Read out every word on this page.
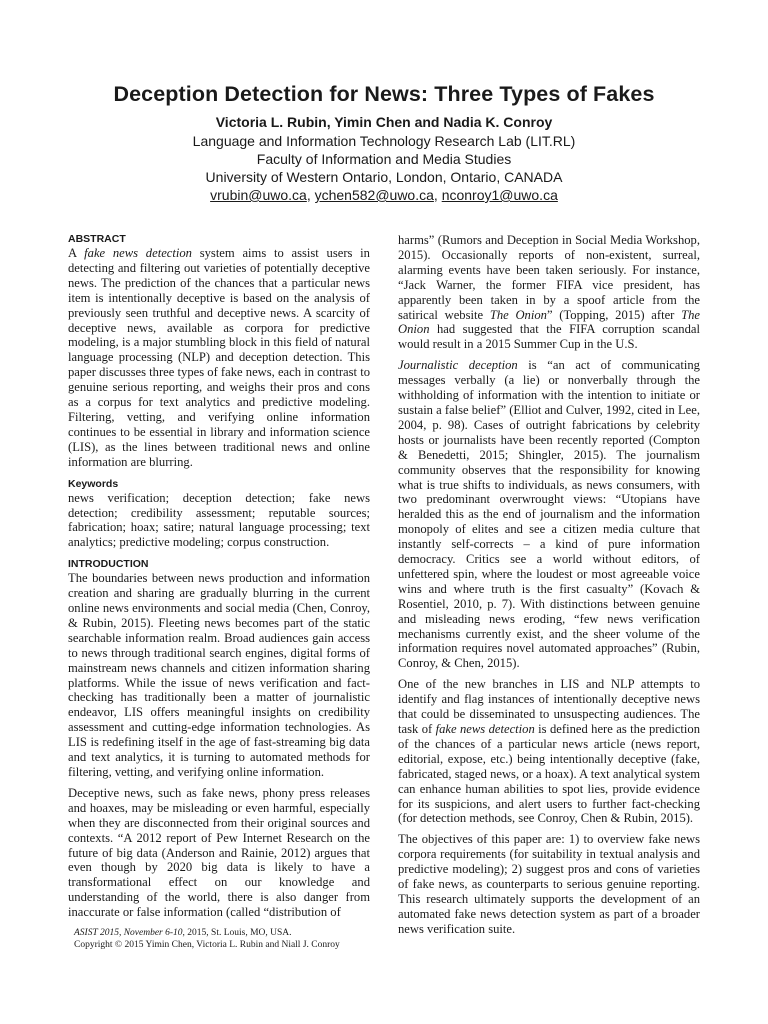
Deception Detection for News: Three Types of Fakes
Victoria L. Rubin, Yimin Chen and Nadia K. Conroy
Language and Information Technology Research Lab (LIT.RL)
Faculty of Information and Media Studies
University of Western Ontario, London, Ontario, CANADA
vrubin@uwo.ca, ychen582@uwo.ca, nconroy1@uwo.ca
ABSTRACT

A fake news detection system aims to assist users in detecting and filtering out varieties of potentially deceptive news. The prediction of the chances that a particular news item is intentionally deceptive is based on the analysis of previously seen truthful and deceptive news. A scarcity of deceptive news, available as corpora for predictive modeling, is a major stumbling block in this field of natural language processing (NLP) and deception detection. This paper discusses three types of fake news, each in contrast to genuine serious reporting, and weighs their pros and cons as a corpus for text analytics and predictive modeling. Filtering, vetting, and verifying online information continues to be essential in library and information science (LIS), as the lines between traditional news and online information are blurring.

Keywords

news verification; deception detection; fake news detection; credibility assessment; reputable sources; fabrication; hoax; satire; natural language processing; text analytics; predictive modeling; corpus construction.

INTRODUCTION

The boundaries between news production and information creation and sharing are gradually blurring in the current online news environments and social media (Chen, Conroy, & Rubin, 2015). Fleeting news becomes part of the static searchable information realm. Broad audiences gain access to news through traditional search engines, digital forms of mainstream news channels and citizen information sharing platforms. While the issue of news verification and fact-checking has traditionally been a matter of journalistic endeavor, LIS offers meaningful insights on credibility assessment and cutting-edge information technologies. As LIS is redefining itself in the age of fast-streaming big data and text analytics, it is turning to automated methods for filtering, vetting, and verifying online information.

Deceptive news, such as fake news, phony press releases and hoaxes, may be misleading or even harmful, especially when they are disconnected from their original sources and contexts. “A 2012 report of Pew Internet Research on the future of big data (Anderson and Rainie, 2012) argues that even though by 2020 big data is likely to have a transformational effect on our knowledge and understanding of the world, there is also danger from inaccurate or false information (called “distribution of

harms” (Rumors and Deception in Social Media Workshop, 2015). Occasionally reports of non-existent, surreal, alarming events have been taken seriously. For instance, “Jack Warner, the former FIFA vice president, has apparently been taken in by a spoof article from the satirical website The Onion” (Topping, 2015) after The Onion had suggested that the FIFA corruption scandal would result in a 2015 Summer Cup in the U.S.

Journalistic deception is “an act of communicating messages verbally (a lie) or nonverbally through the withholding of information with the intention to initiate or sustain a false belief” (Elliot and Culver, 1992, cited in Lee, 2004, p. 98). Cases of outright fabrications by celebrity hosts or journalists have been recently reported (Compton & Benedetti, 2015; Shingler, 2015). The journalism community observes that the responsibility for knowing what is true shifts to individuals, as news consumers, with two predominant overwrought views: “Utopians have heralded this as the end of journalism and the information monopoly of elites and see a citizen media culture that instantly self-corrects – a kind of pure information democracy. Critics see a world without editors, of unfettered spin, where the loudest or most agreeable voice wins and where truth is the first casualty” (Kovach & Rosentiel, 2010, p. 7). With distinctions between genuine and misleading news eroding, “few news verification mechanisms currently exist, and the sheer volume of the information requires novel automated approaches” (Rubin, Conroy, & Chen, 2015).

One of the new branches in LIS and NLP attempts to identify and flag instances of intentionally deceptive news that could be disseminated to unsuspecting audiences. The task of fake news detection is defined here as the prediction of the chances of a particular news article (news report, editorial, expose, etc.) being intentionally deceptive (fake, fabricated, staged news, or a hoax). A text analytical system can enhance human abilities to spot lies, provide evidence for its suspicions, and alert users to further fact-checking (for detection methods, see Conroy, Chen & Rubin, 2015).

The objectives of this paper are: 1) to overview fake news corpora requirements (for suitability in textual analysis and predictive modeling); 2) suggest pros and cons of varieties of fake news, as counterparts to serious genuine reporting. This research ultimately supports the development of an automated fake news detection system as part of a broader news verification suite.

ASIST 2015, November 6-10, 2015, St. Louis, MO, USA.
Copyright © 2015 Yimin Chen, Victoria L. Rubin and Niall J. Conroy
